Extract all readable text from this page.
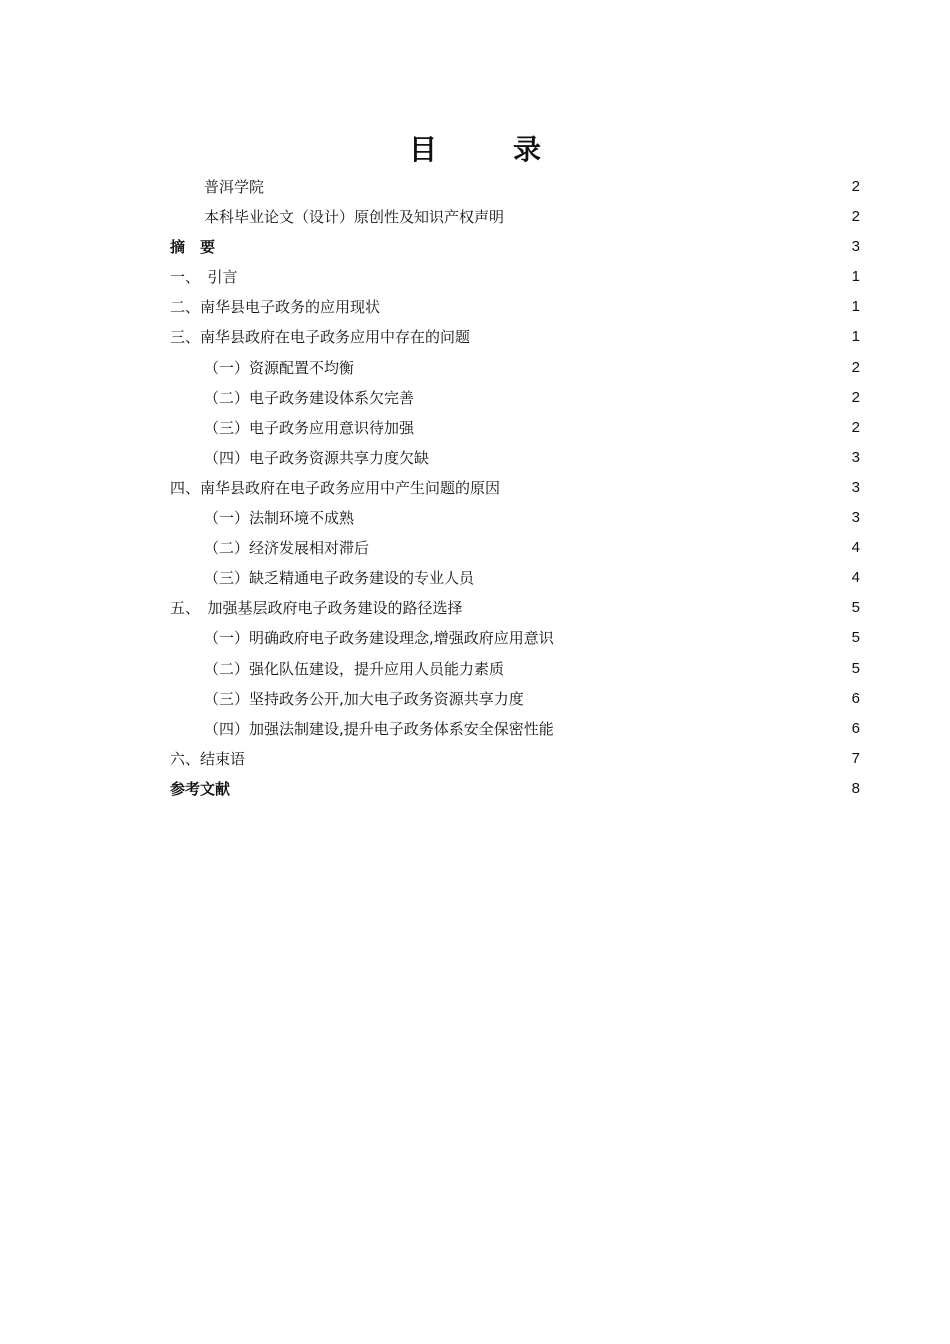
目　录
普洱学院	2
本科毕业论文（设计）原创性及知识产权声明	2
摘　要	3
一、　引言	1
二、南华县电子政务的应用现状	1
三、南华县政府在电子政务应用中存在的问题	1
（一）资源配置不均衡	2
（二）电子政务建设体系欠完善	2
（三）电子政务应用意识待加强	2
（四）电子政务资源共享力度欠缺	3
四、南华县政府在电子政务应用中产生问题的原因	3
（一）法制环境不成熟	3
（二）经济发展相对滞后	4
（三）缺乏精通电子政务建设的专业人员	4
五、　加强基层政府电子政务建设的路径选择	5
（一）明确政府电子政务建设理念,增强政府应用意识	5
（二）强化队伍建设，提升应用人员能力素质	5
（三）坚持政务公开,加大电子政务资源共享力度	6
（四）加强法制建设,提升电子政务体系安全保密性能	6
六、结束语	7
参考文献	8
